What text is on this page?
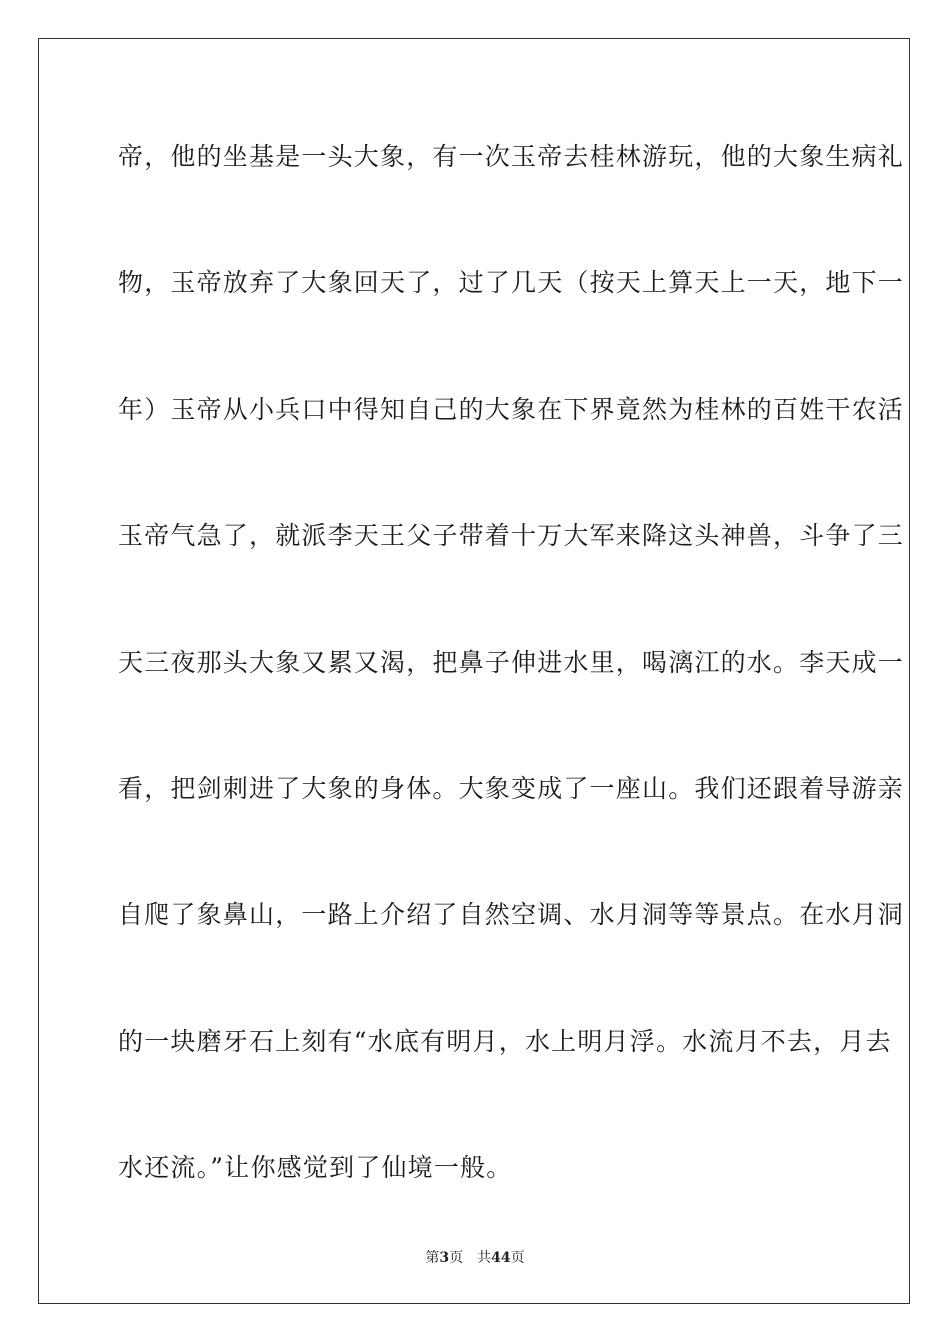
帝，他的坐基是一头大象，有一次玉帝去桂林游玩，他的大象生病礼

物，玉帝放弃了大象回天了，过了几天（按天上算天上一天，地下一

年）玉帝从小兵口中得知自己的大象在下界竟然为桂林的百姓干农活

玉帝气急了，就派李天王父子带着十万大军来降这头神兽，斗争了三

天三夜那头大象又累又渴，把鼻子伸进水里，喝漓江的水。李天成一

看，把剑刺进了大象的身体。大象变成了一座山。我们还跟着导游亲

自爬了象鼻山，一路上介绍了自然空调、水月洞等等景点。在水月洞

的一块磨牙石上刻有“水底有明月，水上明月浮。水流月不去，月去

水还流。”让你感觉到了仙境一般。

第3页 共44页
